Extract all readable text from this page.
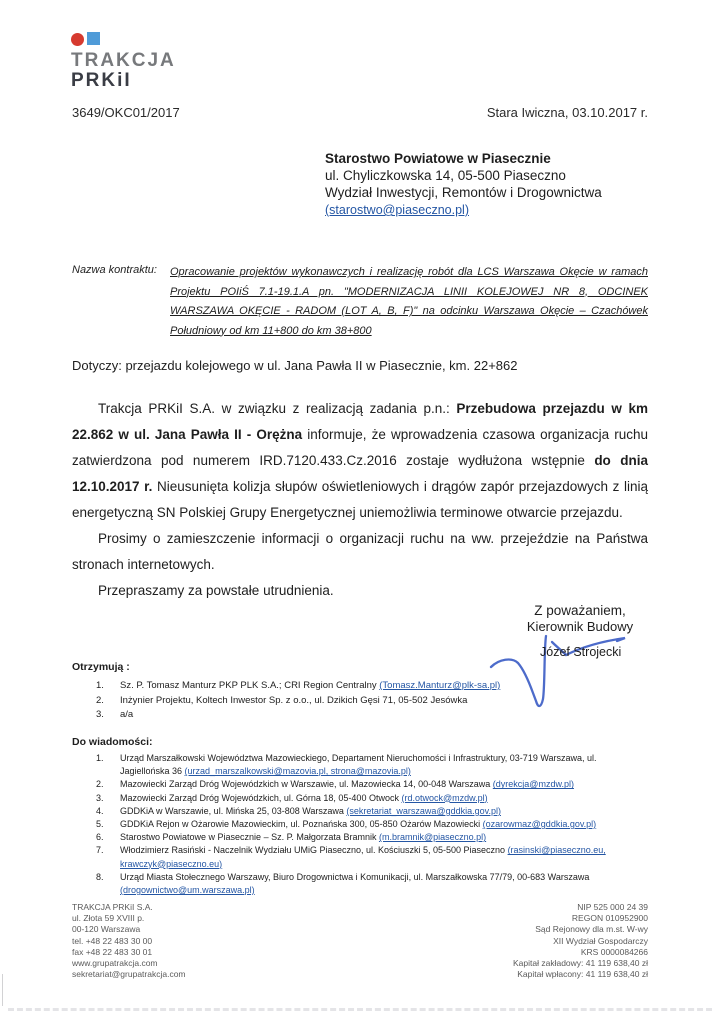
TRAKCJA
PRKiI
3649/OKC01/2017	Stara Iwiczna, 03.10.2017 r.
Starostwo Powiatowe w Piasecznie
ul. Chyliczkowska 14, 05-500 Piaseczno
Wydział Inwestycji, Remontów i Drogownictwa
(starostwo@piaseczno.pl)
Nazwa kontraktu:	Opracowanie projektów wykonawczych i realizację robót dla LCS Warszawa Okęcie w ramach Projektu POIiŚ 7.1-19.1.A pn. "MODERNIZACJA LINII KOLEJOWEJ NR 8, ODCINEK WARSZAWA OKĘCIE - RADOM (LOT A, B, F)" na odcinku Warszawa Okęcie – Czachówek Południowy od km 11+800 do km 38+800
Dotyczy: przejazdu kolejowego w ul. Jana Pawła II w Piasecznie, km. 22+862

Trakcja PRKiI S.A. w związku z realizacją zadania p.n.: Przebudowa przejazdu w km 22.862 w ul. Jana Pawła II - Orężna informuje, że wprowadzenia czasowa organizacja ruchu zatwierdzona pod numerem IRD.7120.433.Cz.2016 zostaje wydłużona wstępnie do dnia 12.10.2017 r. Nieusunięta kolizja słupów oświetleniowych i drągów zapór przejazdowych z linią energetyczną SN Polskiej Grupy Energetycznej uniemożliwia terminowe otwarcie przejazdu.

Prosimy o zamieszczenie informacji o organizacji ruchu na ww. przejeździe na Państwa stronach internetowych.

Przepraszamy za powstałe utrudnienia.

Z poważaniem,
Kierownik Budowy
Józef Strojecki
Otrzymują :
1.	Sz. P. Tomasz Manturz PKP PLK S.A.; CRI Region Centralny (Tomasz.Manturz@plk-sa.pl)
2.	Inżynier Projektu, Koltech Inwestor Sp. z o.o., ul. Dzikich Gęsi 71, 05-502 Jesówka
3.	a/a
Do wiadomości:
1.	Urząd Marszałkowski Województwa Mazowieckiego, Departament Nieruchomości i Infrastruktury, 03-719 Warszawa, ul. Jagiellońska 36 (urzad_marszalkowski@mazovia.pl, strona@mazovia.pl)
2.	Mazowiecki Zarząd Dróg Wojewódzkich w Warszawie, ul. Mazowiecka 14, 00-048 Warszawa (dyrekcja@mzdw.pl)
3.	Mazowiecki Zarząd Dróg Wojewódzkich, ul. Górna 18, 05-400 Otwock (rd.otwock@mzdw.pl)
4.	GDDKiA w Warszawie, ul. Mińska 25, 03-808 Warszawa (sekretariat_warszawa@gddkia.gov.pl)
5.	GDDKiA Rejon w Ożarowie Mazowieckim, ul. Poznańska 300, 05-850 Ożarów Mazowiecki (ozarowmaz@gddkia.gov.pl)
6.	Starostwo Powiatowe w Piasecznie – Sz. P. Małgorzata Bramnik (m.bramnik@piaseczno.pl)
7.	Włodzimierz Rasiński - Naczelnik Wydziału UMiG Piaseczno, ul. Kościuszki 5, 05-500 Piaseczno (rasinski@piaseczno.eu, krawczyk@piaseczno.eu)
8.	Urząd Miasta Stołecznego Warszawy, Biuro Drogownictwa i Komunikacji, ul. Marszałkowska 77/79, 00-683 Warszawa (drogownictwo@um.warszawa.pl)
TRAKCJA PRKiI S.A.
ul. Złota 59 XVIII p.
00-120 Warszawa
tel. +48 22 483 30 00
fax +48 22 483 30 01
www.grupatrakcja.com
sekretariat@grupatrakcja.com
NIP 525 000 24 39
REGON 010952900
Sąd Rejonowy dla m.st. W-wy
XII Wydział Gospodarczy
KRS 0000084266
Kapitał zakładowy: 41 119 638,40 zł
Kapitał wpłacony: 41 119 638,40 zł
